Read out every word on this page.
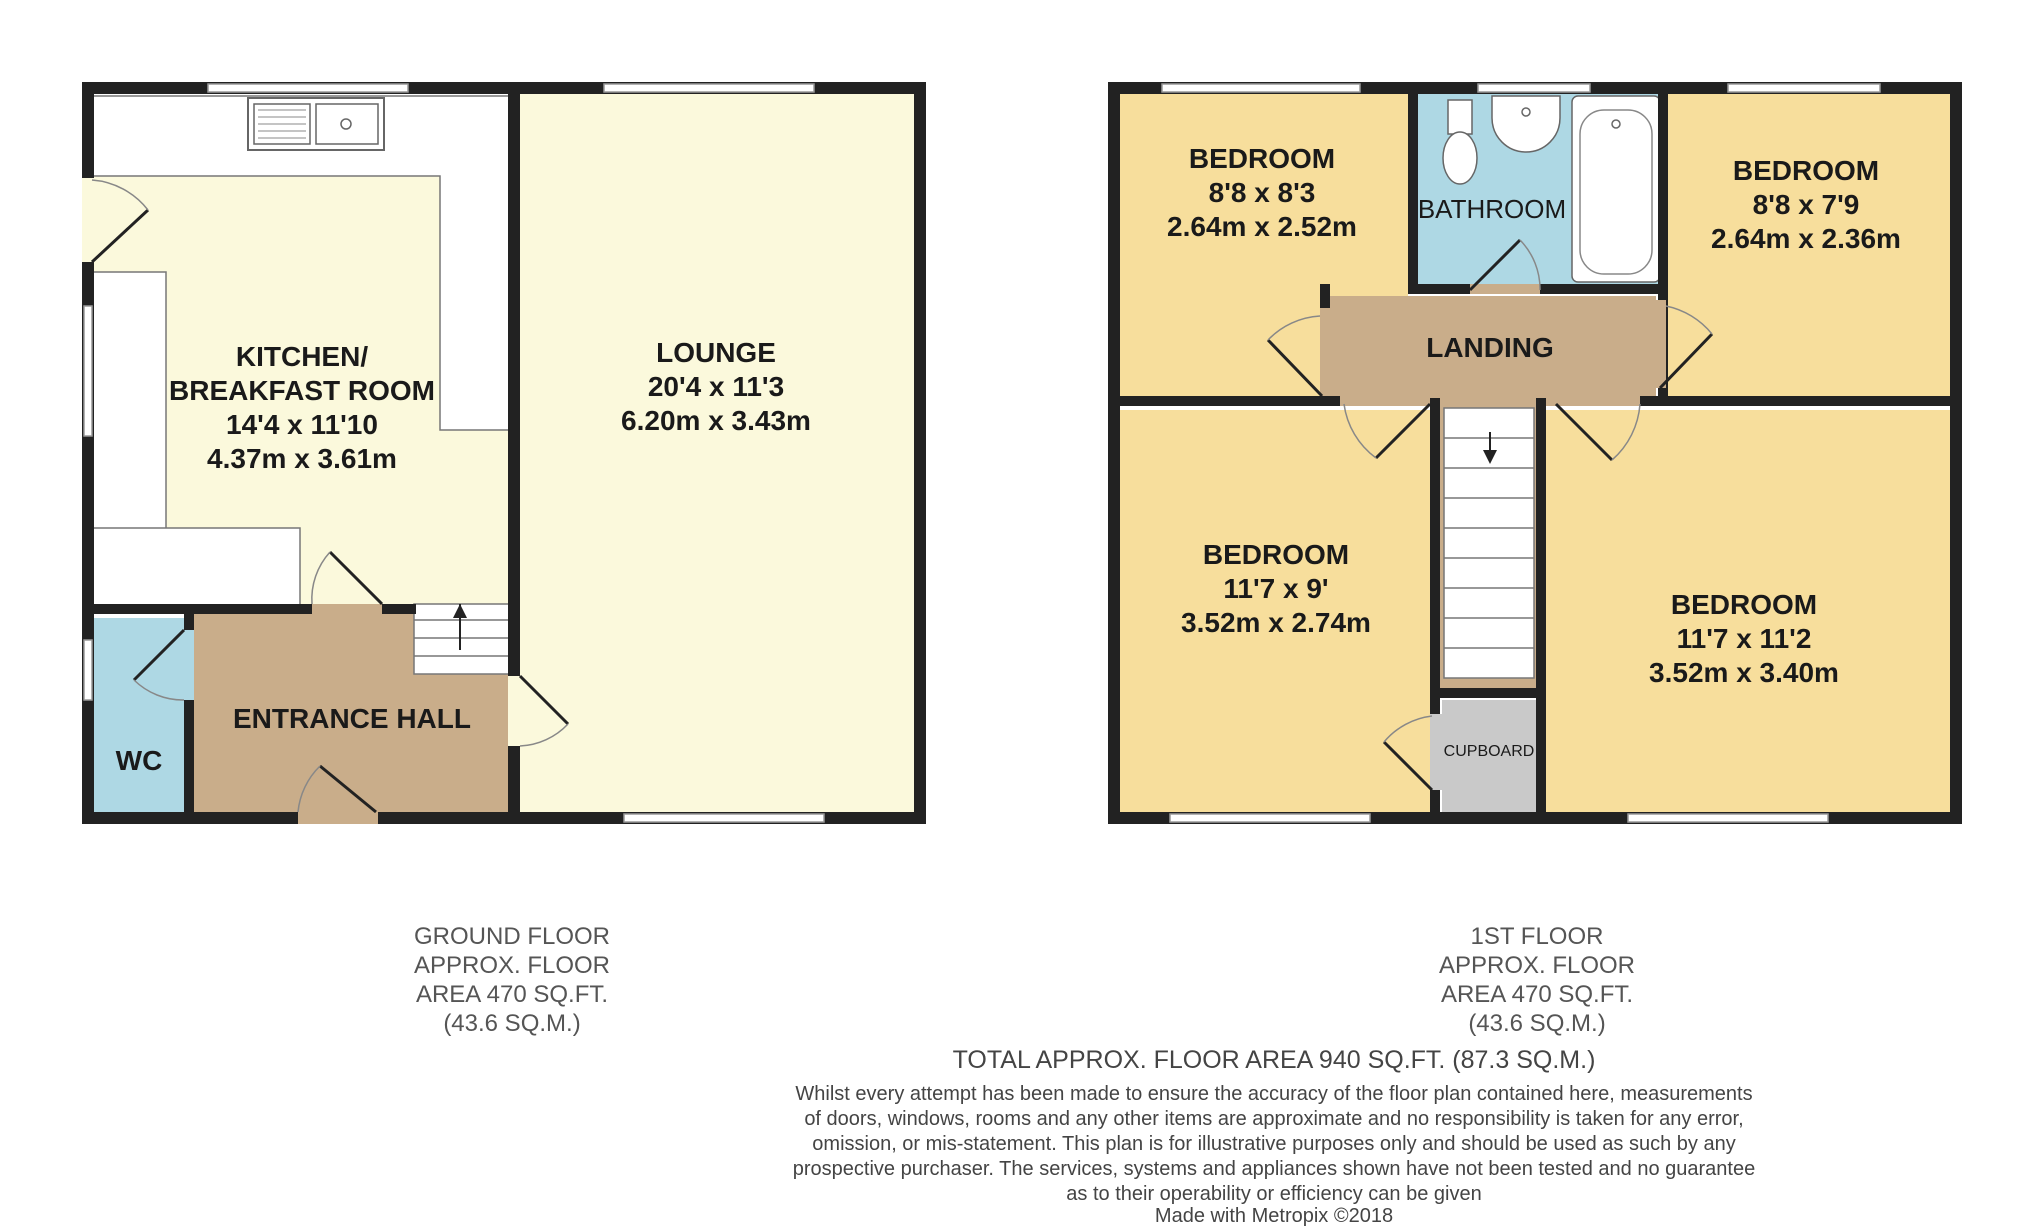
KITCHEN/
BREAKFAST ROOM
14'4 x 11'10
4.37m x 3.61m
LOUNGE
20'4 x 11'3
6.20m x 3.43m
ENTRANCE HALL
WC
BEDROOM
8'8 x 8'3
2.64m x 2.52m
BATHROOM
BEDROOM
8'8 x 7'9
2.64m x 2.36m
LANDING
BEDROOM
11'7 x 9'
3.52m x 2.74m
BEDROOM
11'7 x 11'2
3.52m x 3.40m
CUPBOARD
GROUND FLOOR
APPROX. FLOOR
AREA 470 SQ.FT.
(43.6 SQ.M.)
1ST FLOOR
APPROX. FLOOR
AREA 470 SQ.FT.
(43.6 SQ.M.)
TOTAL APPROX. FLOOR AREA 940 SQ.FT. (87.3 SQ.M.)
Whilst every attempt has been made to ensure the accuracy of the floor plan contained here, measurements
of doors, windows, rooms and any other items are approximate and no responsibility is taken for any error,
omission, or mis-statement. This plan is for illustrative purposes only and should be used as such by any
prospective purchaser. The services, systems and appliances shown have not been tested and no guarantee
as to their operability or efficiency can be given
Made with Metropix ©2018
